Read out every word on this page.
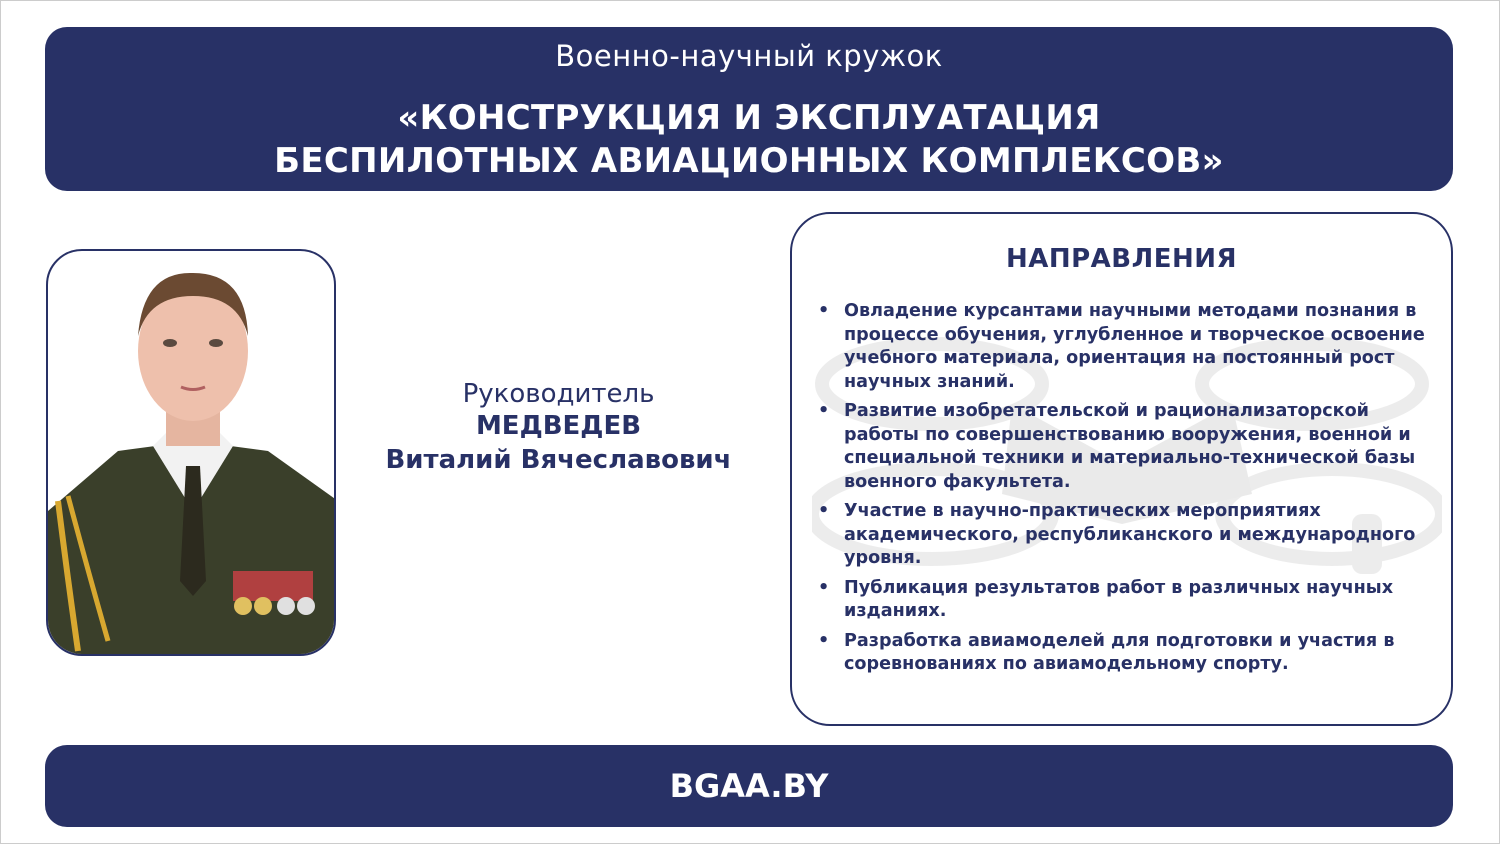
Военно-научный кружок
«КОНСТРУКЦИЯ И ЭКСПЛУАТАЦИЯ
БЕСПИЛОТНЫХ АВИАЦИОННЫХ КОМПЛЕКСОВ»
Руководитель
МЕДВЕДЕВ
Виталий Вячеславович
НАПРАВЛЕНИЯ
• Овладение курсантами научными методами познания в процессе обучения, углубленное и творческое освоение учебного материала, ориентация на постоянный рост научных знаний.
• Развитие изобретательской и рационализаторской работы по совершенствованию вооружения, военной и специальной техники и материально-технической базы военного факультета.
• Участие в научно-практических мероприятиях академического, республиканского и международного уровня.
• Публикация результатов работ в различных научных изданиях.
• Разработка авиамоделей для подготовки и участия в соревнованиях по авиамодельному спорту.
BGAA.BY
